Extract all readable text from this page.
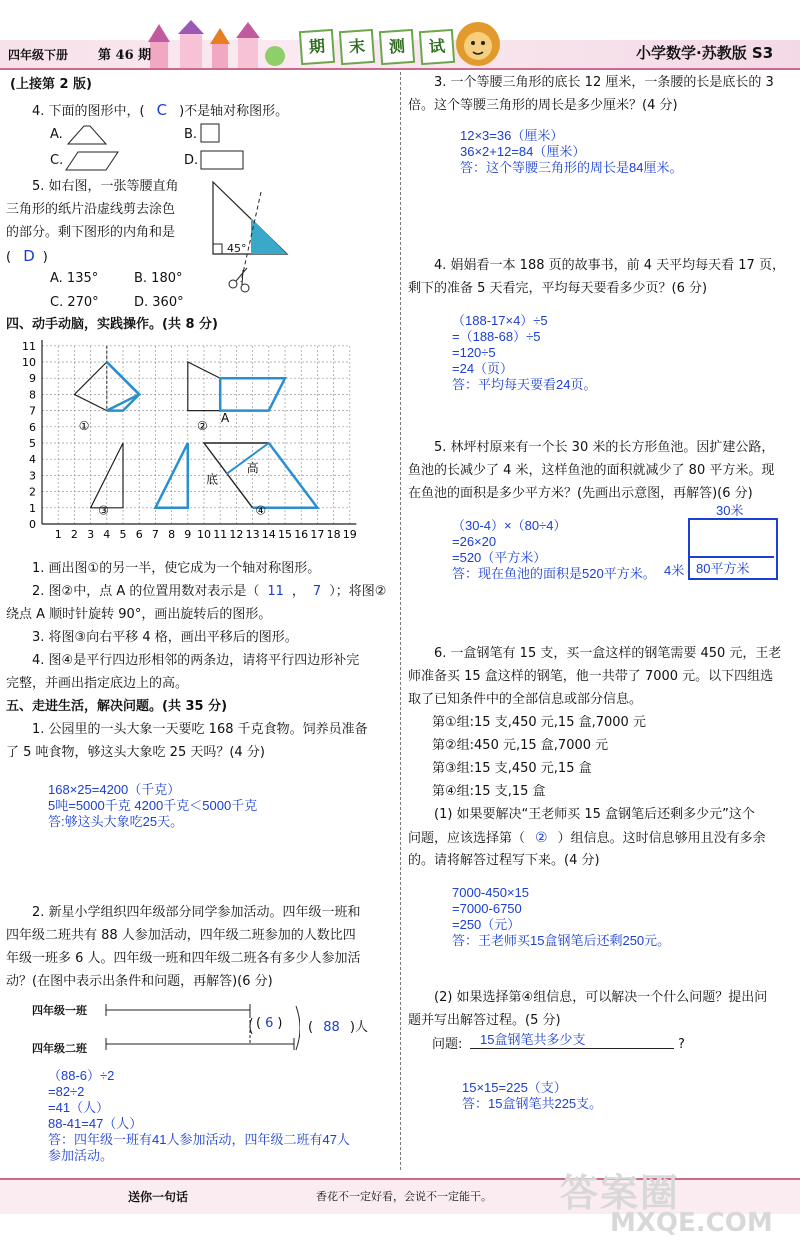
四年级下册 第 46 期	期	末	测	试	小学数学·苏教版 S3
(上接第 2 版)
4. 下面的图形中，( C )不是轴对称图形。
A.	B.
C.	D.
5. 如右图，一张等腰直角
三角形的纸片沿虚线剪去涂色
的部分。剩下图形的内角和是
( D )
A. 135°	B. 180°
C. 270°	D. 360°
45°
四、动手动脑，实践操作。(共 8 分)
0
1
2
3
4
5
6
7
8
9
10
11
1 2 3 4 5 6 7 8 9 10 11 12 13 14 15 16 17 18 19
①	②
③	④
A
底
高
1. 画出图①的另一半，使它成为一个轴对称图形。
2. 图②中，点 A 的位置用数对表示是（ 11 ， 7 ）；将图②
绕点 A 顺时针旋转 90°，画出旋转后的图形。
3. 将图③向右平移 4 格，画出平移后的图形。
4. 图④是平行四边形相邻的两条边，请将平行四边形补完
完整，并画出指定底边上的高。
五、走进生活，解决问题。(共 35 分)
1. 公园里的一头大象一天要吃 168 千克食物。饲养员准备
了 5 吨食物，够这头大象吃 25 天吗？(4 分)
168×25=4200（千克）
5吨=5000千克 4200千克＜5000千克
答:够这头大象吃25天。
2. 新星小学组织四年级部分同学参加活动。四年级一班和
四年级二班共有 88 人参加活动，四年级二班参加的人数比四
年级一班多 6 人。四年级一班和四年级二班各有多少人参加活
动？(在图中表示出条件和问题，再解答)(6 分)
四年级一班
四年级二班
( 6 ) ( 88 )人
（88-6）÷2
=82÷2
=41（人）
88-41=47（人）
答：四年级一班有41人参加活动，四年级二班有47人
参加活动。
3. 一个等腰三角形的底长 12 厘米，一条腰的长是底长的 3
倍。这个等腰三角形的周长是多少厘米？(4 分)
12×3=36（厘米）
36×2+12=84（厘米）
答：这个等腰三角形的周长是84厘米。
4. 娟娟看一本 188 页的故事书，前 4 天平均每天看 17 页，
剩下的准备 5 天看完，平均每天要看多少页？(6 分)
（188-17×4）÷5
=（188-68）÷5
=120÷5
=24（页）
答：平均每天要看24页。
5. 林坪村原来有一个长 30 米的长方形鱼池。因扩建公路，
鱼池的长减少了 4 米，这样鱼池的面积就减少了 80 平方米。现
在鱼池的面积是多少平方米？(先画出示意图，再解答)(6 分)
（30-4）×（80÷4）
=26×20
=520（平方米）
答：现在鱼池的面积是520平方米。
30米
4米 80平方米
6. 一盒钢笔有 15 支，买一盒这样的钢笔需要 450 元，王老
师准备买 15 盒这样的钢笔，他一共带了 7000 元。以下四组选
取了已知条件中的全部信息或部分信息。
第①组:15 支,450 元,15 盒,7000 元
第②组:450 元,15 盒,7000 元
第③组:15 支,450 元,15 盒
第④组:15 支,15 盒
(1) 如果要解决“王老师买 15 盒钢笔后还剩多少元”这个
问题，应该选择第（ ② ）组信息。这时信息够用且没有多余
的。请将解答过程写下来。(4 分)
7000-450×15
=7000-6750
=250（元）
答：王老师买15盒钢笔后还剩250元。
(2) 如果选择第④组信息，可以解决一个什么问题？提出问
题并写出解答过程。(5 分)
问题: 15盒钢笔共多少支	?
15×15=225（支）
答：15盒钢笔共225支。
送你一句话	香花不一定好看，会说不一定能干。 答案圈
MXQE.COM
